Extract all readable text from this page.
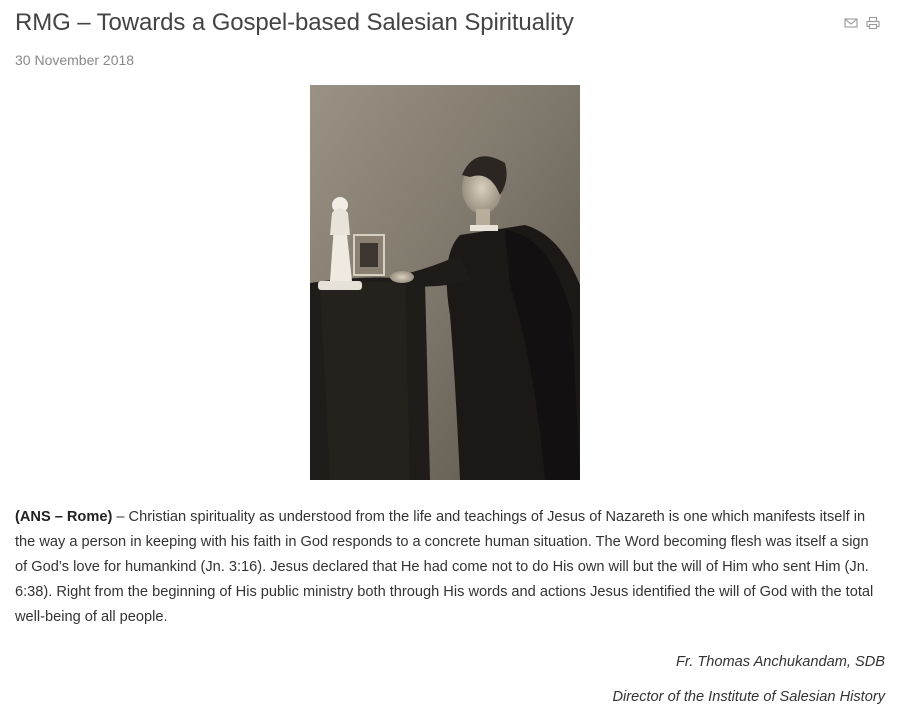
RMG – Towards a Gospel-based Salesian Spirituality
30 November 2018

(ANS – Rome) – Christian spirituality as understood from the life and teachings of Jesus of Nazareth is one which manifests itself in the way a person in keeping with his faith in God responds to a concrete human situation. The Word becoming flesh was itself a sign of God’s love for humankind (Jn. 3:16). Jesus declared that He had come not to do His own will but the will of Him who sent Him (Jn. 6:38). Right from the beginning of His public ministry both through His words and actions Jesus identified the will of God with the total well-being of all people.

Fr. Thomas Anchukandam, SDB
Director of the Institute of Salesian History
